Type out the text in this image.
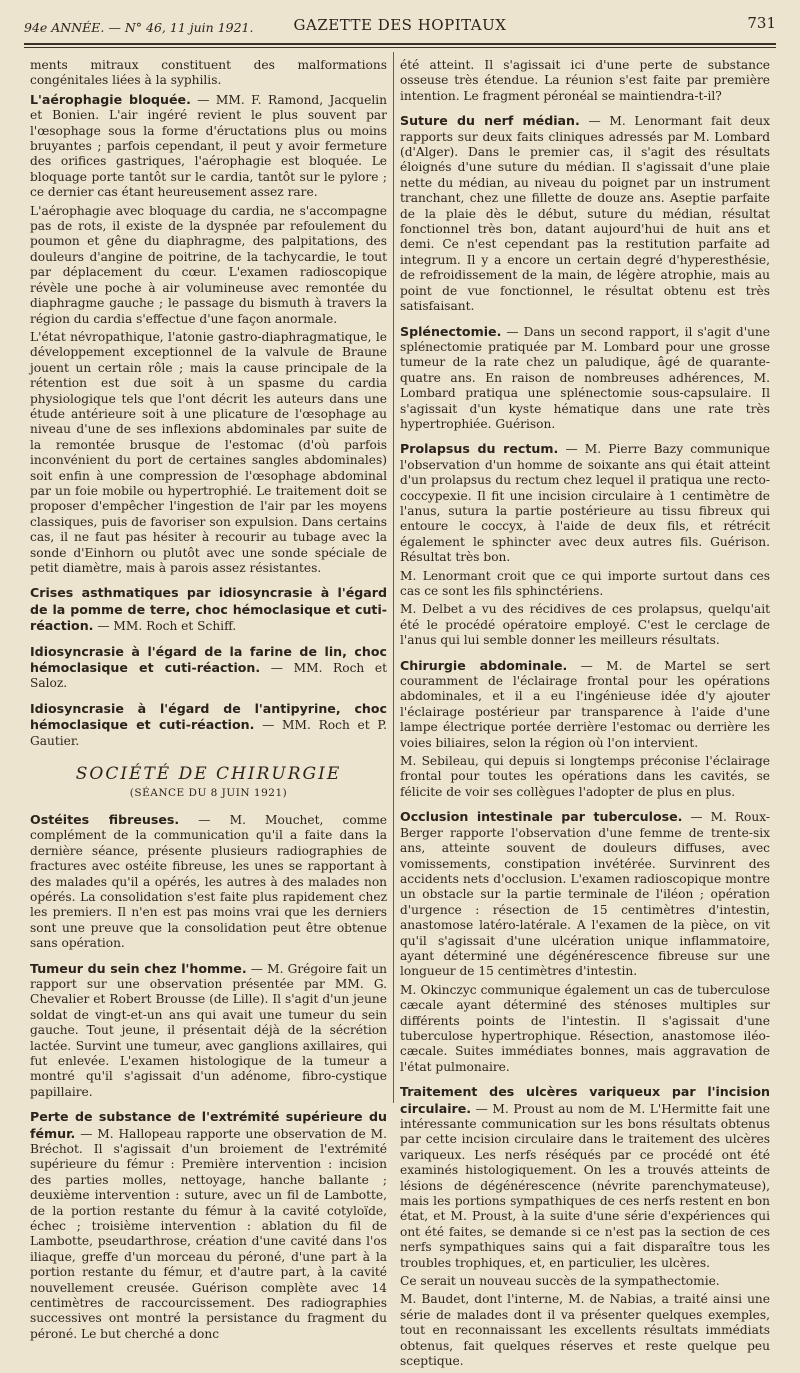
94e ANNÉE. — N° 46, 11 juin 1921.	GAZETTE DES HOPITAUX	731

ments mitraux constituent des malformations congénitales liées à la syphilis.

L'aérophagie bloquée. — MM. F. Ramond, Jacquelin et Bonien. L'air ingéré revient le plus souvent par l'œsophage sous la forme d'éructations plus ou moins bruyantes ; parfois cependant, il peut y avoir fermeture des orifices gastriques, l'aérophagie est bloquée. Le bloquage porte tantôt sur le cardia, tantôt sur le pylore ; ce dernier cas étant heureusement assez rare.

L'aérophagie avec bloquage du cardia, ne s'accompagne pas de rots, il existe de la dyspnée par refoulement du poumon et gêne du diaphragme, des palpitations, des douleurs d'angine de poitrine, de la tachycardie, le tout par déplacement du cœur. L'examen radioscopique révèle une poche à air volumineuse avec remontée du diaphragme gauche ; le passage du bismuth à travers la région du cardia s'effectue d'une façon anormale.

L'état névropathique, l'atonie gastro-diaphragmatique, le développement exceptionnel de la valvule de Braune jouent un certain rôle ; mais la cause principale de la rétention est due soit à un spasme du cardia physiologique tels que l'ont décrit les auteurs dans une étude antérieure soit à une plicature de l'œsophage au niveau d'une de ses inflexions abdominales par suite de la remontée brusque de l'estomac (d'où parfois inconvénient du port de certaines sangles abdominales) soit enfin à une compression de l'œsophage abdominal par un foie mobile ou hypertrophié. Le traitement doit se proposer d'empêcher l'ingestion de l'air par les moyens classiques, puis de favoriser son expulsion. Dans certains cas, il ne faut pas hésiter à recourir au tubage avec la sonde d'Einhorn ou plutôt avec une sonde spéciale de petit diamètre, mais à parois assez résistantes.

Crises asthmatiques par idiosyncrasie à l'égard de la pomme de terre, choc hémoclasique et cuti-réaction. — MM. Roch et Schiff.

Idiosyncrasie à l'égard de la farine de lin, choc hémoclasique et cuti-réaction. — MM. Roch et Saloz.

Idiosyncrasie à l'égard de l'antipyrine, choc hémoclasique et cuti-réaction. — MM. Roch et P. Gautier.

SOCIÉTÉ DE CHIRURGIE
(SÉANCE DU 8 JUIN 1921)

Ostéites fibreuses. — M. Mouchet, comme complément de la communication qu'il a faite dans la dernière séance, présente plusieurs radiographies de fractures avec ostéite fibreuse, les unes se rapportant à des malades qu'il a opérés, les autres à des malades non opérés. La consolidation s'est faite plus rapidement chez les premiers. Il n'en est pas moins vrai que les derniers sont une preuve que la consolidation peut être obtenue sans opération.

Tumeur du sein chez l'homme. — M. Grégoire fait un rapport sur une observation présentée par MM. G. Chevalier et Robert Brousse (de Lille). Il s'agit d'un jeune soldat de vingt-et-un ans qui avait une tumeur du sein gauche. Tout jeune, il présentait déjà de la sécrétion lactée. Survint une tumeur, avec ganglions axillaires, qui fut enlevée. L'examen histologique de la tumeur a montré qu'il s'agissait d'un adénome, fibro-cystique papillaire.

Perte de substance de l'extrémité supérieure du fémur. — M. Hallopeau rapporte une observation de M. Bréchot. Il s'agissait d'un broiement de l'extrémité supérieure du fémur : Première intervention : incision des parties molles, nettoyage, hanche ballante ; deuxième intervention : suture, avec un fil de Lambotte, de la portion restante du fémur à la cavité cotyloïde, échec ; troisième intervention : ablation du fil de Lambotte, pseudarthrose, création d'une cavité dans l'os iliaque, greffe d'un morceau du péroné, d'une part à la portion restante du fémur, et d'autre part, à la cavité nouvellement creusée. Guérison complète avec 14 centimètres de raccourcissement. Des radiographies successives ont montré la persistance du fragment du péroné. Le but cherché a donc

été atteint. Il s'agissait ici d'une perte de substance osseuse très étendue. La réunion s'est faite par première intention. Le fragment péronéal se maintiendra-t-il?

Suture du nerf médian. — M. Lenormant fait deux rapports sur deux faits cliniques adressés par M. Lombard (d'Alger). Dans le premier cas, il s'agit des résultats éloignés d'une suture du médian. Il s'agissait d'une plaie nette du médian, au niveau du poignet par un instrument tranchant, chez une fillette de douze ans. Aseptie parfaite de la plaie dès le début, suture du médian, résultat fonctionnel très bon, datant aujourd'hui de huit ans et demi. Ce n'est cependant pas la restitution parfaite ad integrum. Il y a encore un certain degré d'hyperesthésie, de refroidissement de la main, de légère atrophie, mais au point de vue fonctionnel, le résultat obtenu est très satisfaisant.

Splénectomie. — Dans un second rapport, il s'agit d'une splénectomie pratiquée par M. Lombard pour une grosse tumeur de la rate chez un paludique, âgé de quarante-quatre ans. En raison de nombreuses adhérences, M. Lombard pratiqua une splénectomie sous-capsulaire. Il s'agissait d'un kyste hématique dans une rate très hypertrophiée. Guérison.

Prolapsus du rectum. — M. Pierre Bazy communique l'observation d'un homme de soixante ans qui était atteint d'un prolapsus du rectum chez lequel il pratiqua une recto-coccypexie. Il fit une incision circulaire à 1 centimètre de l'anus, sutura la partie postérieure au tissu fibreux qui entoure le coccyx, à l'aide de deux fils, et rétrécit également le sphincter avec deux autres fils. Guérison. Résultat très bon.

M. Lenormant croit que ce qui importe surtout dans ces cas ce sont les fils sphinctériens.

M. Delbet a vu des récidives de ces prolapsus, quelqu'ait été le procédé opératoire employé. C'est le cerclage de l'anus qui lui semble donner les meilleurs résultats.

Chirurgie abdominale. — M. de Martel se sert couramment de l'éclairage frontal pour les opérations abdominales, et il a eu l'ingénieuse idée d'y ajouter l'éclairage postérieur par transparence à l'aide d'une lampe électrique portée derrière l'estomac ou derrière les voies biliaires, selon la région où l'on intervient.

M. Sebileau, qui depuis si longtemps préconise l'éclairage frontal pour toutes les opérations dans les cavités, se félicite de voir ses collègues l'adopter de plus en plus.

Occlusion intestinale par tuberculose. — M. Roux-Berger rapporte l'observation d'une femme de trente-six ans, atteinte souvent de douleurs diffuses, avec vomissements, constipation invétérée. Survinrent des accidents nets d'occlusion. L'examen radioscopique montre un obstacle sur la partie terminale de l'iléon ; opération d'urgence : résection de 15 centimètres d'intestin, anastomose latéro-latérale. A l'examen de la pièce, on vit qu'il s'agissait d'une ulcération unique inflammatoire, ayant déterminé une dégénérescence fibreuse sur une longueur de 15 centimètres d'intestin.

M. Okinczyc communique également un cas de tuberculose cæcale ayant déterminé des sténoses multiples sur différents points de l'intestin. Il s'agissait d'une tuberculose hypertrophique. Résection, anastomose iléo-cæcale. Suites immédiates bonnes, mais aggravation de l'état pulmonaire.

Traitement des ulcères variqueux par l'incision circulaire. — M. Proust au nom de M. L'Hermitte fait une intéressante communication sur les bons résultats obtenus par cette incision circulaire dans le traitement des ulcères variqueux. Les nerfs réséqués par ce procédé ont été examinés histologiquement. On les a trouvés atteints de lésions de dégénérescence (névrite parenchymateuse), mais les portions sympathiques de ces nerfs restent en bon état, et M. Proust, à la suite d'une série d'expériences qui ont été faites, se demande si ce n'est pas la section de ces nerfs sympathiques sains qui a fait disparaître tous les troubles trophiques, et, en particulier, les ulcères.

Ce serait un nouveau succès de la sympathectomie.

M. Baudet, dont l'interne, M. de Nabias, a traité ainsi une série de malades dont il va présenter quelques exemples, tout en reconnaissant les excellents résultats immédiats obtenus, fait quelques réserves et reste quelque peu sceptique.
